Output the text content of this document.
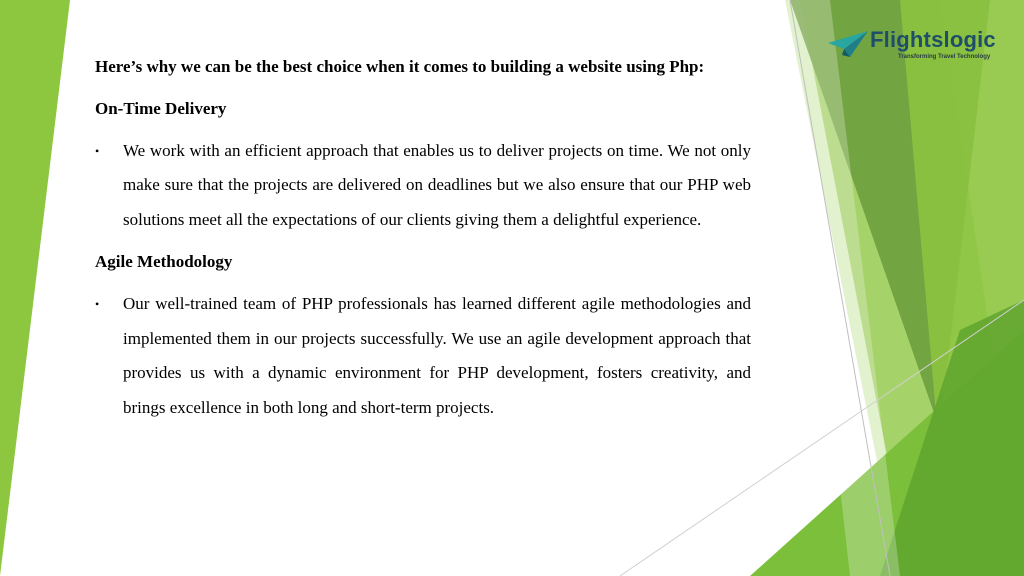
Flightslogic
Transforming Travel Technology

Here’s why we can be the best choice when it comes to building a website using Php:

On-Time Delivery

• We work with an efficient approach that enables us to deliver projects on time. We not only make sure that the projects are delivered on deadlines but we also ensure that our PHP web solutions meet all the expectations of our clients giving them a delightful experience.

Agile Methodology

• Our well-trained team of PHP professionals has learned different agile methodologies and implemented them in our projects successfully. We use an agile development approach that provides us with a dynamic environment for PHP development, fosters creativity, and brings excellence in both long and short-term projects.
